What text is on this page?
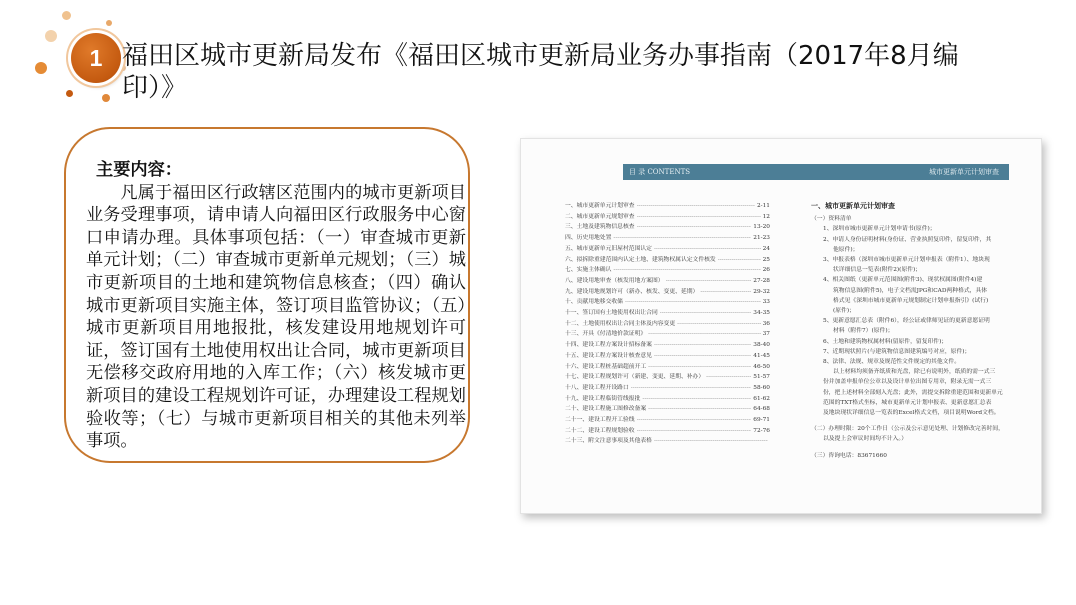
1 福田区城市更新局发布《福田区城市更新局业务办事指南（2017年8月编印）》
主要内容：
凡属于福田区行政辖区范围内的城市更新项目业务受理事项，请申请人向福田区行政服务中心窗口申请办理。具体事项包括：（一）审查城市更新单元计划；（二）审查城市更新单元规划；（三）城市更新项目的土地和建筑物信息核查；（四）确认城市更新项目实施主体，签订项目监管协议；（五）城市更新项目用地报批，核发建设用地规划许可证，签订国有土地使用权出让合同，城市更新项目无偿移交政府用地的入库工作；（六）核发城市更新项目的建设工程规划许可证，办理建设工程规划验收等；（七）与城市更新项目相关的其他未列举事项。
目 录 CONTENTS	城市更新单元计划审查
一、城市更新单元计划审查 -----	2-11
二、城市更新单元规划审查 -----	12
三、土地及建筑物信息核查 -----	13-20
四、历史用地处置 -----	21-23
五、城市更新单元旧屋村范围认定 -----	24
六、拟拆除重建范围内认定土地、建筑物权属认定文件核发 -----	25
七、实施主体确认 -----	26
八、建设用地审查（核发用地方案图） -----	27-28
九、建设用地规划许可（新办、核发、变更、延期） -----	29-32
十、贡献用地移交收储 -----	33
十一、签订国有土地使用权出让合同 -----	34-35
十二、土地使用权出让合同主体及内容变更 -----	36
十三、开具《付清地价款证明》 -----	37
十四、建设工程方案设计招标备案 -----	38-40
十五、建设工程方案设计核查意见 -----	41-45
十六、建设工程桩基础超前开工 -----	46-50
十七、建设工程规划许可（新建、变更、延期、补办） -----	51-57
十八、建设工程开设路口 -----	58-60
十九、建设工程临街管线报批 -----	61-62
二十、建设工程施工图修改备案 -----	64-68
二十一、建设工程开工验线 -----	69-71
二十二、建设工程规划验收 -----	72-76
二十三、附文注意事项及其他表格
-----
一、城市更新单元计划审查
（一）资料清单
1、深圳市城市更新单元计划申请书(原件)；
2、申请人身份证明材料(身份证、营业执照复印件，留复印件，其
他原件)；
3、申报表格（深圳市城市更新单元计划申报表（附件1）、地块现
状详细信息一览表(附件2)(原件)；
4、相关图纸（更新单元范围图(附件3)、现状权属图(附件4)建
筑物信息图(附件5)，电子文档需JPG和CAD两种格式，具体
格式见《深圳市城市更新单元规划制定计划申报指引》(试行)
(原件)；
5、更新意愿汇总表（附件6），经公证或律师见证的更新意愿证明
材料（附件7）(原件)；
6、土地和建筑物权属材料(留原件，留复印件)；
7、近期现状照片(与建筑物信息图建筑编号对应，原件)；
8、法律、法规、规章及规范性文件规定的其他文件。
以上材料均须备齐纸质和光盘，除已有说明外，纸质的需一式三
份并加盖申报单位公章以及设计单位出图专用章，附录无需一式三
份，把上述材料全部刻入光盘；此外，需提交拆除重建范围和更新单元
范围的TXT格式坐标，城市更新单元计划申报表、更新意愿汇总表
及地块现状详细信息一览表的Excel格式文档，项目说明Word文档。
（二）办理时限：20个工作日（公示及公示意见处理、计划修改完善时间，
以及提上会审议时间均不计入。）
（三）咨询电话：83671660
